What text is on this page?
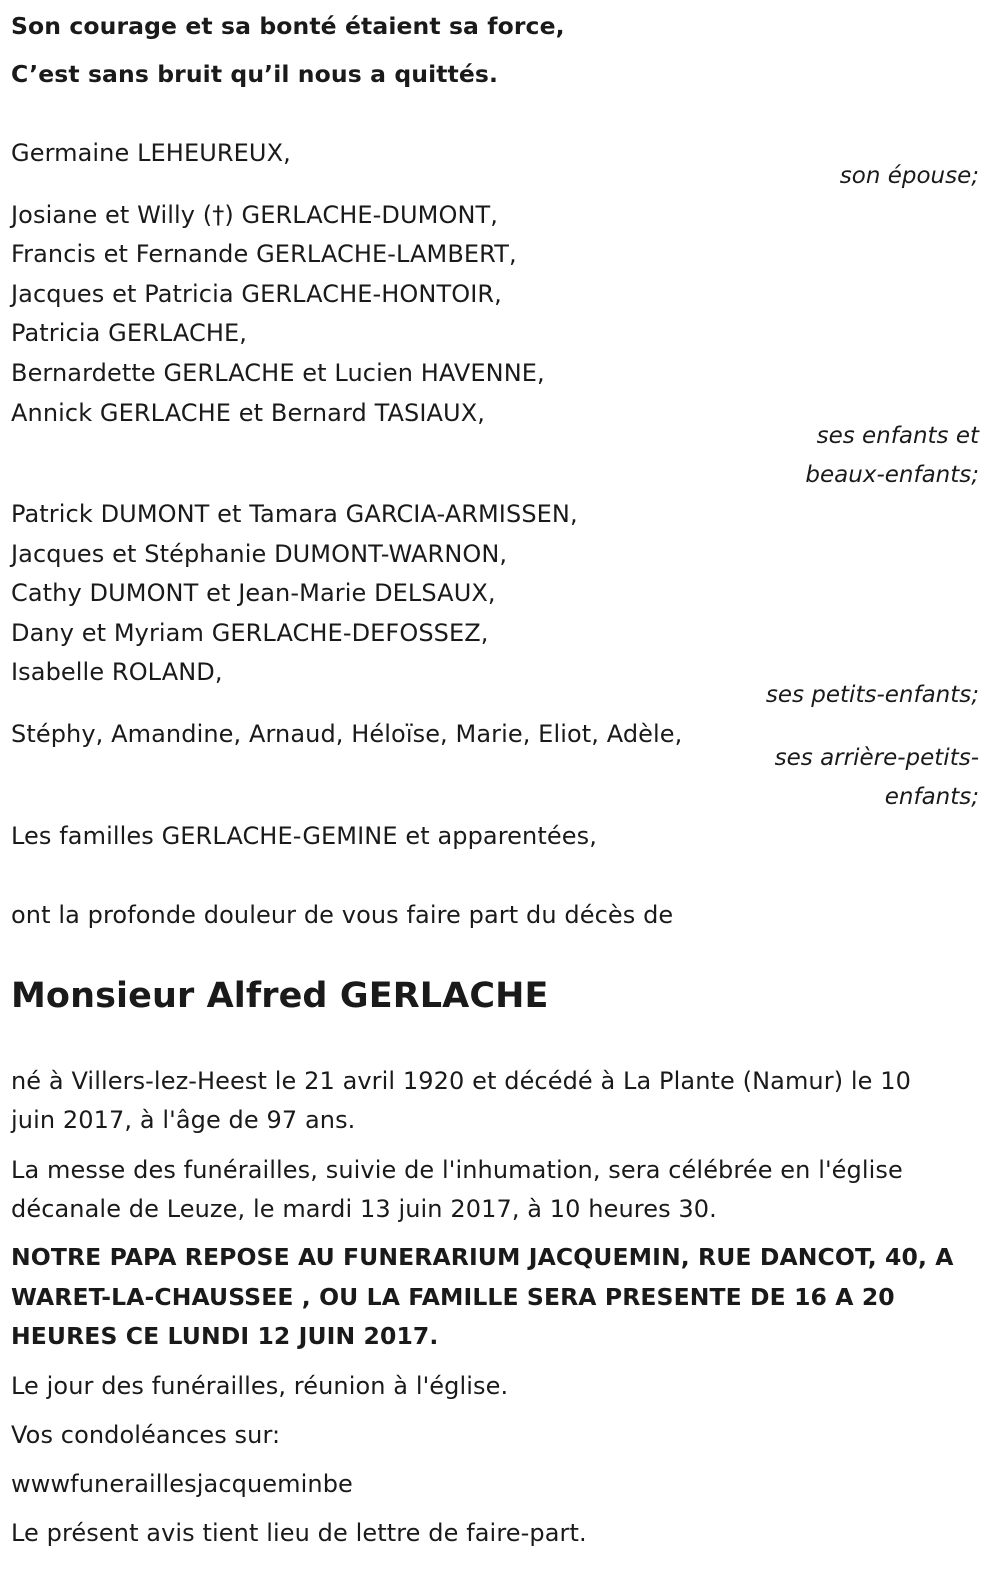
Son courage et sa bonté étaient sa force,
C’est sans bruit qu’il nous a quittés.
Germaine LEHEUREUX,
son épouse;
Josiane et Willy (†) GERLACHE-DUMONT,
Francis et Fernande GERLACHE-LAMBERT,
Jacques et Patricia GERLACHE-HONTOIR,
Patricia GERLACHE,
Bernardette GERLACHE et Lucien HAVENNE,
Annick GERLACHE et Bernard TASIAUX,
ses enfants et
beaux-enfants;
Patrick DUMONT et Tamara GARCIA-ARMISSEN,
Jacques et Stéphanie DUMONT-WARNON,
Cathy DUMONT et Jean-Marie DELSAUX,
Dany et Myriam GERLACHE-DEFOSSEZ,
Isabelle ROLAND,
ses petits-enfants;
Stéphy, Amandine, Arnaud, Héloïse, Marie, Eliot, Adèle,
ses arrière-petits-
enfants;
Les familles GERLACHE-GEMINE et apparentées,
ont la profonde douleur de vous faire part du décès de
Monsieur Alfred GERLACHE
né à Villers-lez-Heest le 21 avril 1920 et décédé à La Plante (Namur) le 10
juin 2017, à l'âge de 97 ans.
La messe des funérailles, suivie de l'inhumation, sera célébrée en l'église
décanale de Leuze, le mardi 13 juin 2017, à 10 heures 30.
NOTRE PAPA REPOSE AU FUNERARIUM JACQUEMIN, RUE DANCOT, 40, A
WARET-LA-CHAUSSEE , OU LA FAMILLE SERA PRESENTE DE 16 A 20
HEURES CE LUNDI 12 JUIN 2017.
Le jour des funérailles, réunion à l'église.
Vos condoléances sur:
wwwfuneraillesjacqueminbe
Le présent avis tient lieu de lettre de faire-part.
